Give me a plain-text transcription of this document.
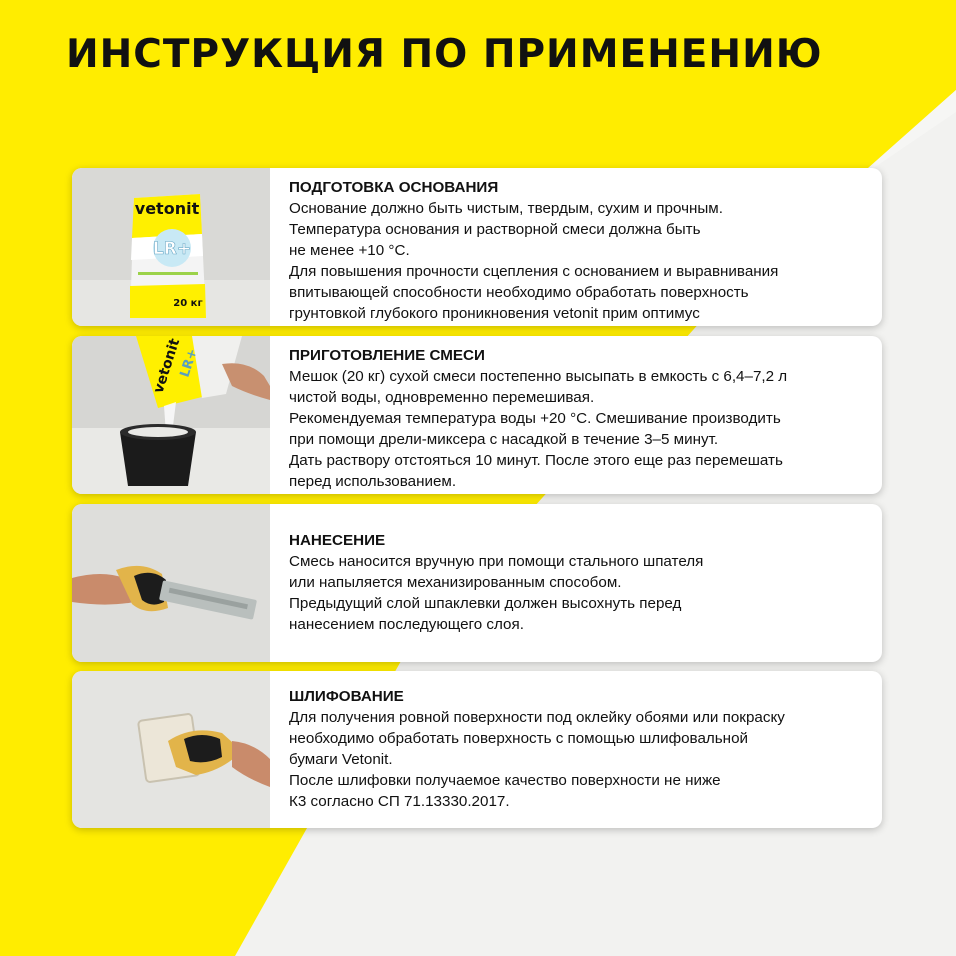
ИНСТРУКЦИЯ ПО ПРИМЕНЕНИЮ
vetonit
LR+
20 кг

ПОДГОТОВКА ОСНОВАНИЯ

Основание должно быть чистым, твердым, сухим и прочным.

Температура основания и растворной смеси должна быть

не менее +10 °С.

Для повышения прочности сцепления с основанием и выравнивания

впитывающей способности необходимо обработать поверхность

грунтовкой глубокого проникновения vetonit прим оптимус

vetonit
LR+	ПРИГОТОВЛЕНИЕ СМЕСИ

Мешок (20 кг) сухой смеси постепенно высыпать в емкость с 6,4–7,2 л

чистой воды, одновременно перемешивая.

Рекомендуемая температура воды +20 °С. Смешивание производить

при помощи дрели-миксера с насадкой в течение 3–5 минут.

Дать раствору отстояться 10 минут. После этого еще раз перемешать

перед использованием.

НАНЕСЕНИЕ

Смесь наносится вручную при помощи стального шпателя

или напыляется механизированным способом.

Предыдущий слой шпаклевки должен высохнуть перед

нанесением последующего слоя.

ШЛИФОВАНИЕ

Для получения ровной поверхности под оклейку обоями или покраску

необходимо обработать поверхность с помощью шлифовальной

бумаги Vetonit.

После шлифовки получаемое качество поверхности не ниже

К3 согласно СП 71.13330.2017.
